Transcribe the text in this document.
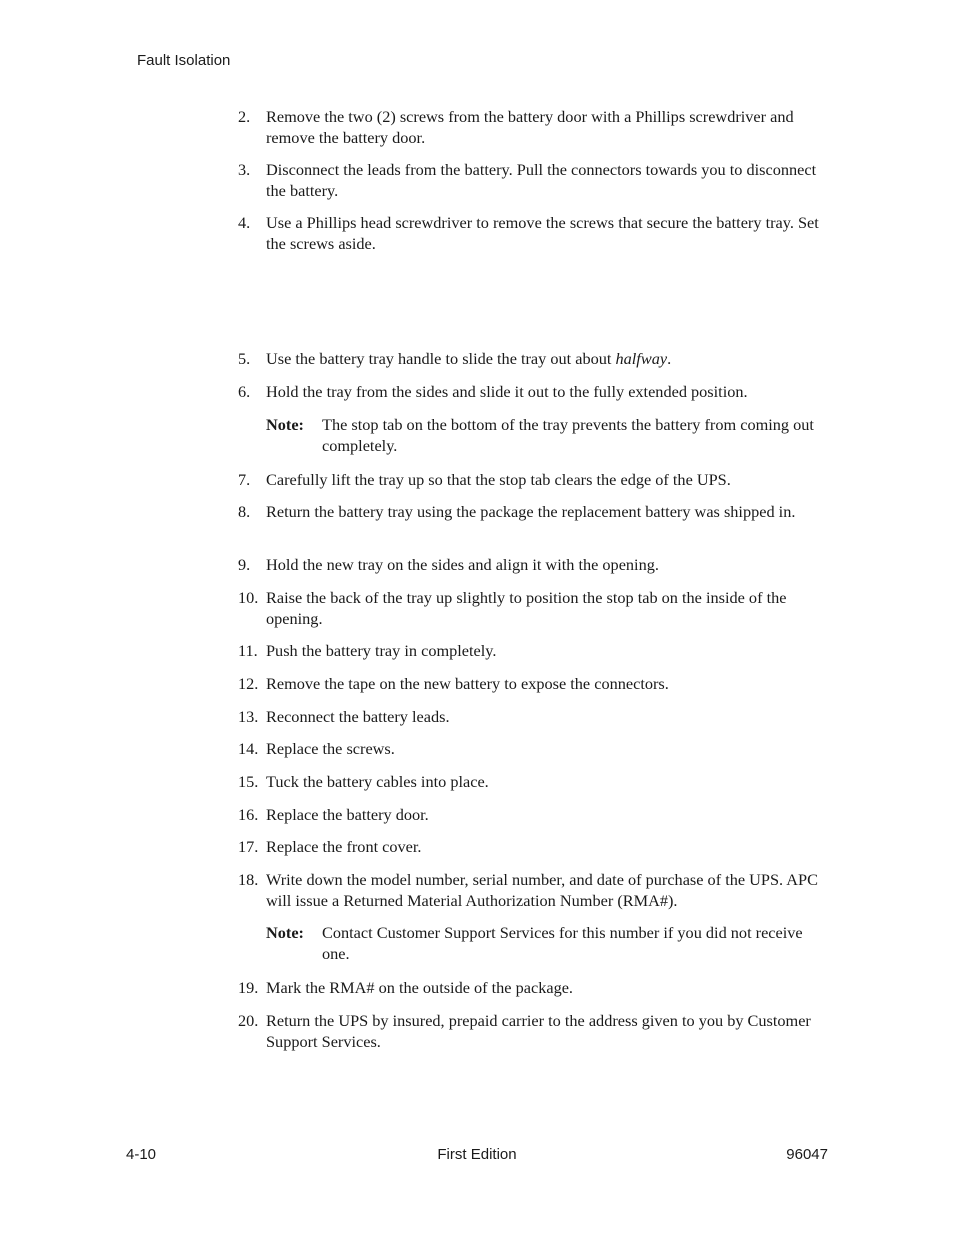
Fault Isolation
2. Remove the two (2) screws from the battery door with a Phillips screwdriver and remove the battery door.
3. Disconnect the leads from the battery. Pull the connectors towards you to disconnect the battery.
4. Use a Phillips head screwdriver to remove the screws that secure the battery tray. Set the screws aside.
5. Use the battery tray handle to slide the tray out about halfway.
6. Hold the tray from the sides and slide it out to the fully extended position.
Note: The stop tab on the bottom of the tray prevents the battery from coming out completely.
7. Carefully lift the tray up so that the stop tab clears the edge of the UPS.
8. Return the battery tray using the package the replacement battery was shipped in.
9. Hold the new tray on the sides and align it with the opening.
10. Raise the back of the tray up slightly to position the stop tab on the inside of the opening.
11. Push the battery tray in completely.
12. Remove the tape on the new battery to expose the connectors.
13. Reconnect the battery leads.
14. Replace the screws.
15. Tuck the battery cables into place.
16. Replace the battery door.
17. Replace the front cover.
18. Write down the model number, serial number, and date of purchase of the UPS. APC will issue a Returned Material Authorization Number (RMA#).
Note: Contact Customer Support Services for this number if you did not receive one.
19. Mark the RMA# on the outside of the package.
20. Return the UPS by insured, prepaid carrier to the address given to you by Customer Support Services.
4-10	First Edition	96047
